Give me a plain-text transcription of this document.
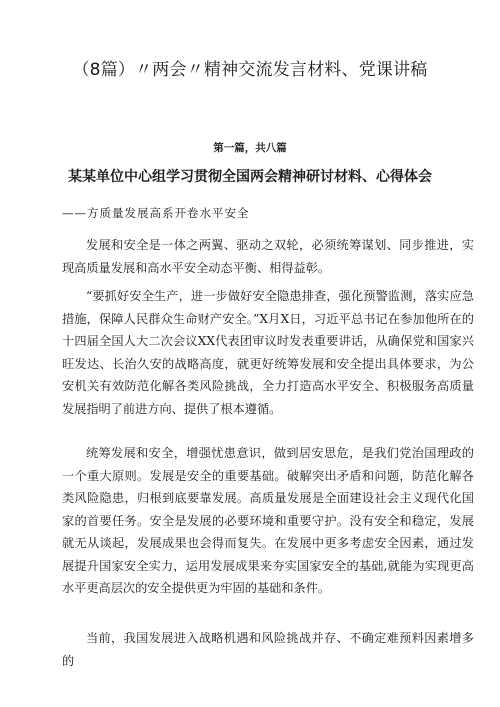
（8篇）〃两会〃精神交流发言材料、党课讲稿
第一篇，共八篇
某某单位中心组学习贯彻全国两会精神研讨材料、心得体会
——方质量发展高系开卷水平安全

发展和安全是一体之两翼、驱动之双轮，必须统筹谋划、同步推进，实现高质量发展和高水平安全动态平衡、相得益彰。

“要抓好安全生产，进一步做好安全隐患排查，强化预警监测，落实应急措施，保障人民群众生命财产安全。”X月X日，习近平总书记在参加他所在的十四届全国人大二次会议XX代表团审议时发表重要讲话，从确保党和国家兴旺发达、长治久安的战略高度，就更好统筹发展和安全提出具体要求，为公安机关有效防范化解各类风险挑战，全力打造高水平安全、积极服务高质量发展指明了前进方向、提供了根本遵循。

统筹发展和安全，增强忧患意识，做到居安思危，是我们党治国理政的一个重大原则。发展是安全的重要基础。破解突出矛盾和问题，防范化解各类风险隐患，归根到底要靠发展。高质量发展是全面建设社会主义现代化国家的首要任务。安全是发展的必要环境和重要守护。没有安全和稳定，发展就无从谈起，发展成果也会得而复失。在发展中更多考虑安全因素，通过发展提升国家安全实力，运用发展成果来夯实国家安全的基础,就能为实现更高水平更高层次的安全提供更为牢固的基础和条件。

当前，我国发展进入战略机遇和风险挑战并存、不确定难预料因素增多的
